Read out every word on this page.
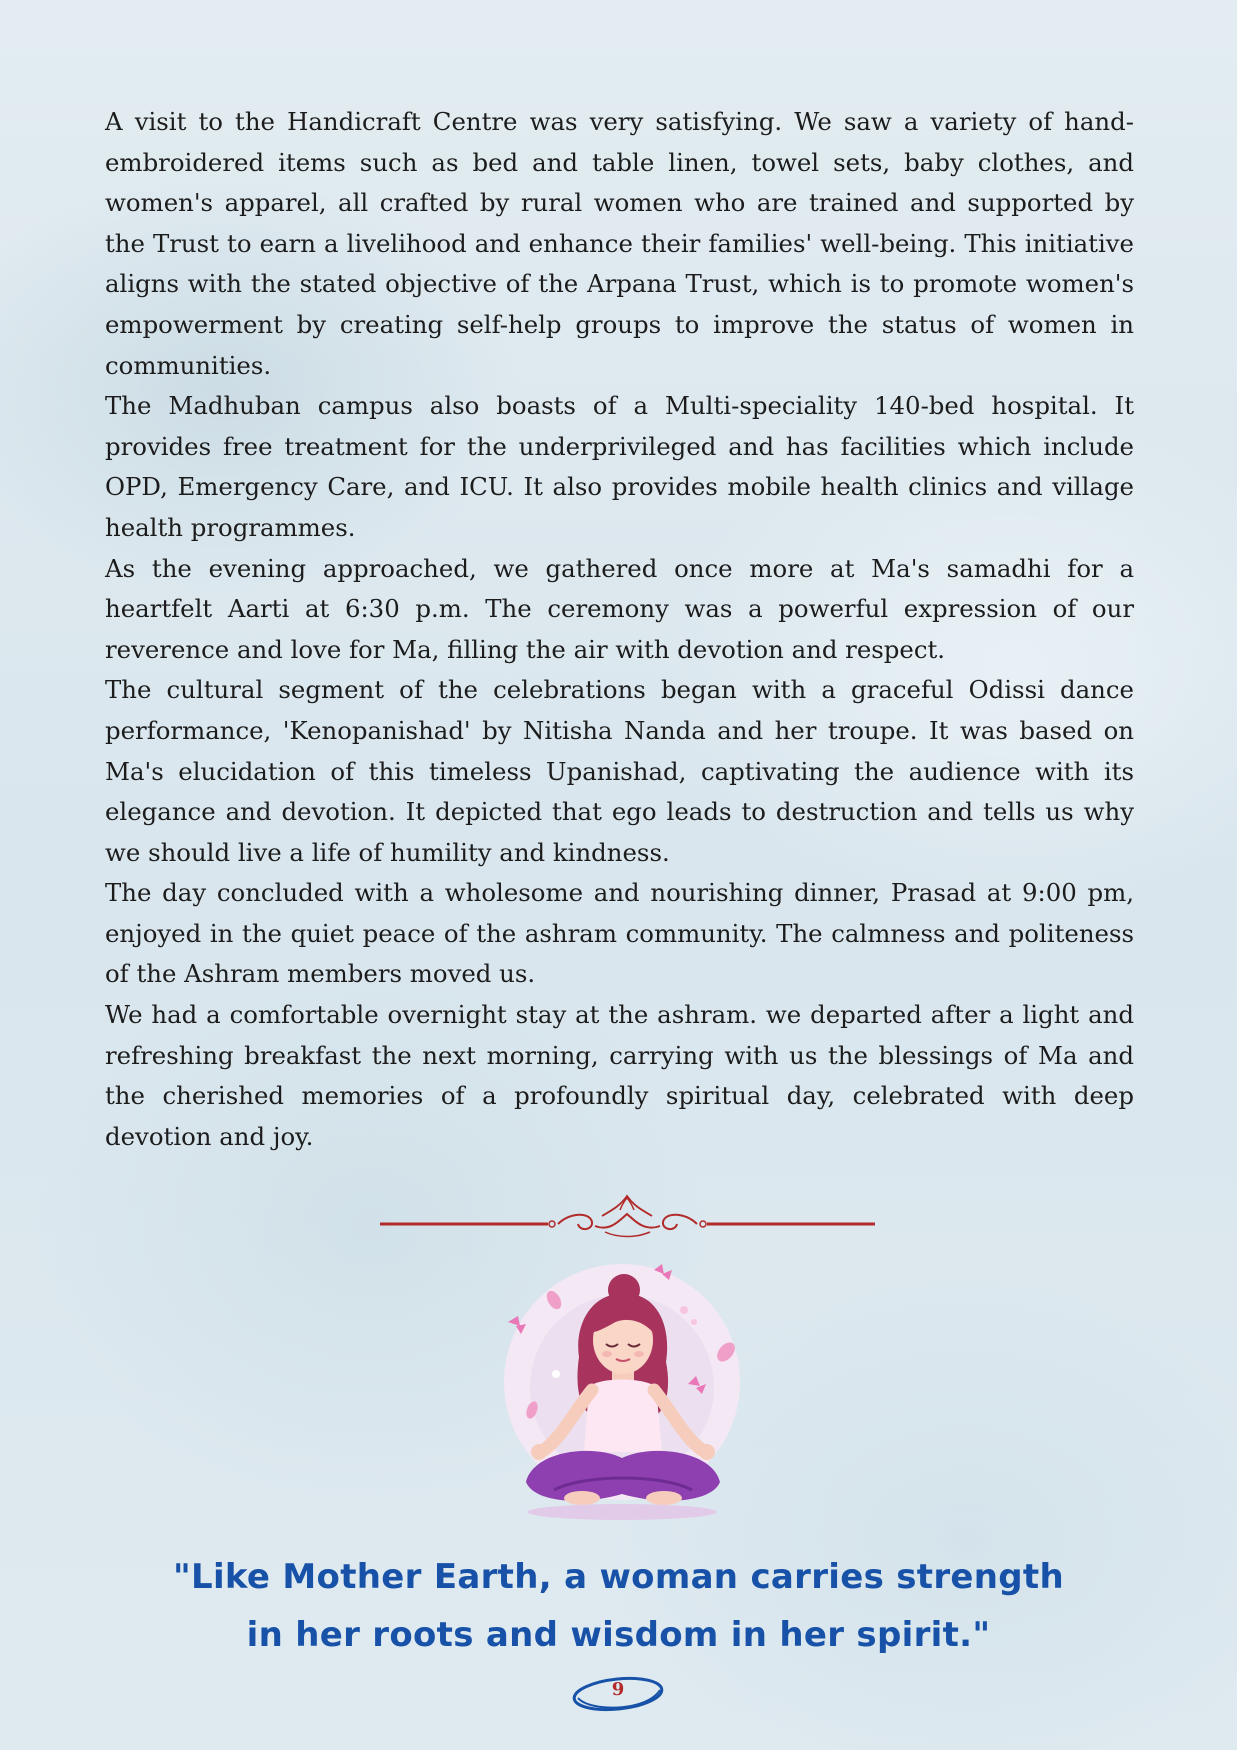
A visit to the Handicraft Centre was very satisfying. We saw a variety of hand-embroidered items such as bed and table linen, towel sets, baby clothes, and women's apparel, all crafted by rural women who are trained and supported by the Trust to earn a livelihood and enhance their families' well-being. This initiative aligns with the stated objective of the Arpana Trust, which is to promote women's empowerment by creating self-help groups to improve the status of women in communities.

The Madhuban campus also boasts of a Multi-speciality 140-bed hospital. It provides free treatment for the underprivileged and has facilities which include OPD, Emergency Care, and ICU. It also provides mobile health clinics and village health programmes.

As the evening approached, we gathered once more at Ma's samadhi for a heartfelt Aarti at 6:30 p.m. The ceremony was a powerful expression of our reverence and love for Ma, filling the air with devotion and respect.

The cultural segment of the celebrations began with a graceful Odissi dance performance, 'Kenopanishad' by Nitisha Nanda and her troupe. It was based on Ma's elucidation of this timeless Upanishad, captivating the audience with its elegance and devotion. It depicted that ego leads to destruction and tells us why we should live a life of humility and kindness.

The day concluded with a wholesome and nourishing dinner, Prasad at 9:00 pm, enjoyed in the quiet peace of the ashram community. The calmness and politeness of the Ashram members moved us.

We had a comfortable overnight stay at the ashram. we departed after a light and refreshing breakfast the next morning, carrying with us the blessings of Ma and the cherished memories of a profoundly spiritual day, celebrated with deep devotion and joy.

"Like Mother Earth, a woman carries strength
in her roots and wisdom in her spirit."
9
